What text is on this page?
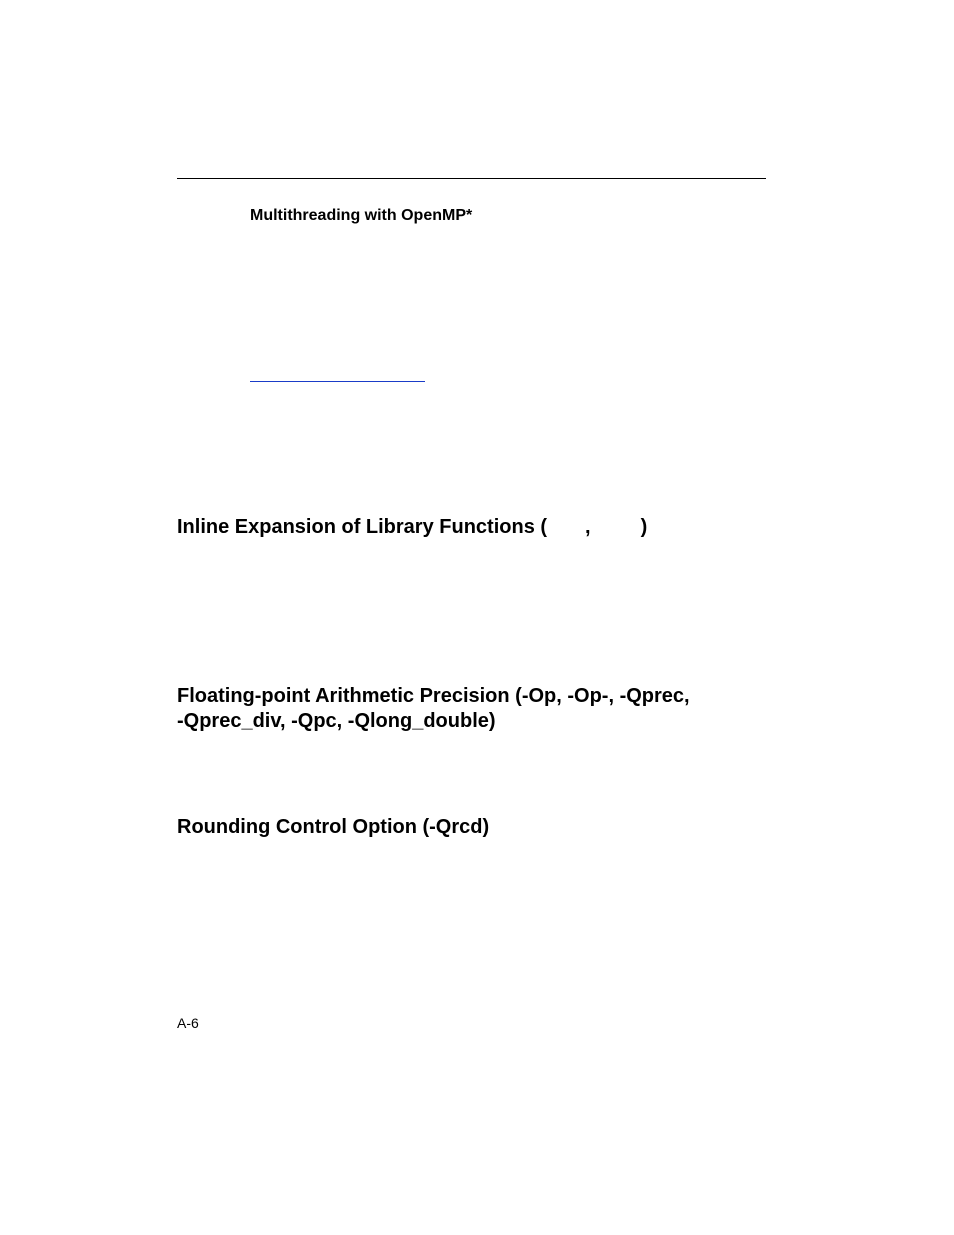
Multithreading with OpenMP*
Inline Expansion of Library Functions ( ,	)
Floating-point Arithmetic Precision (-Op, -Op-, -Qprec,
-Qprec_div, -Qpc, -Qlong_double)
Rounding Control Option (-Qrcd)
A-6
